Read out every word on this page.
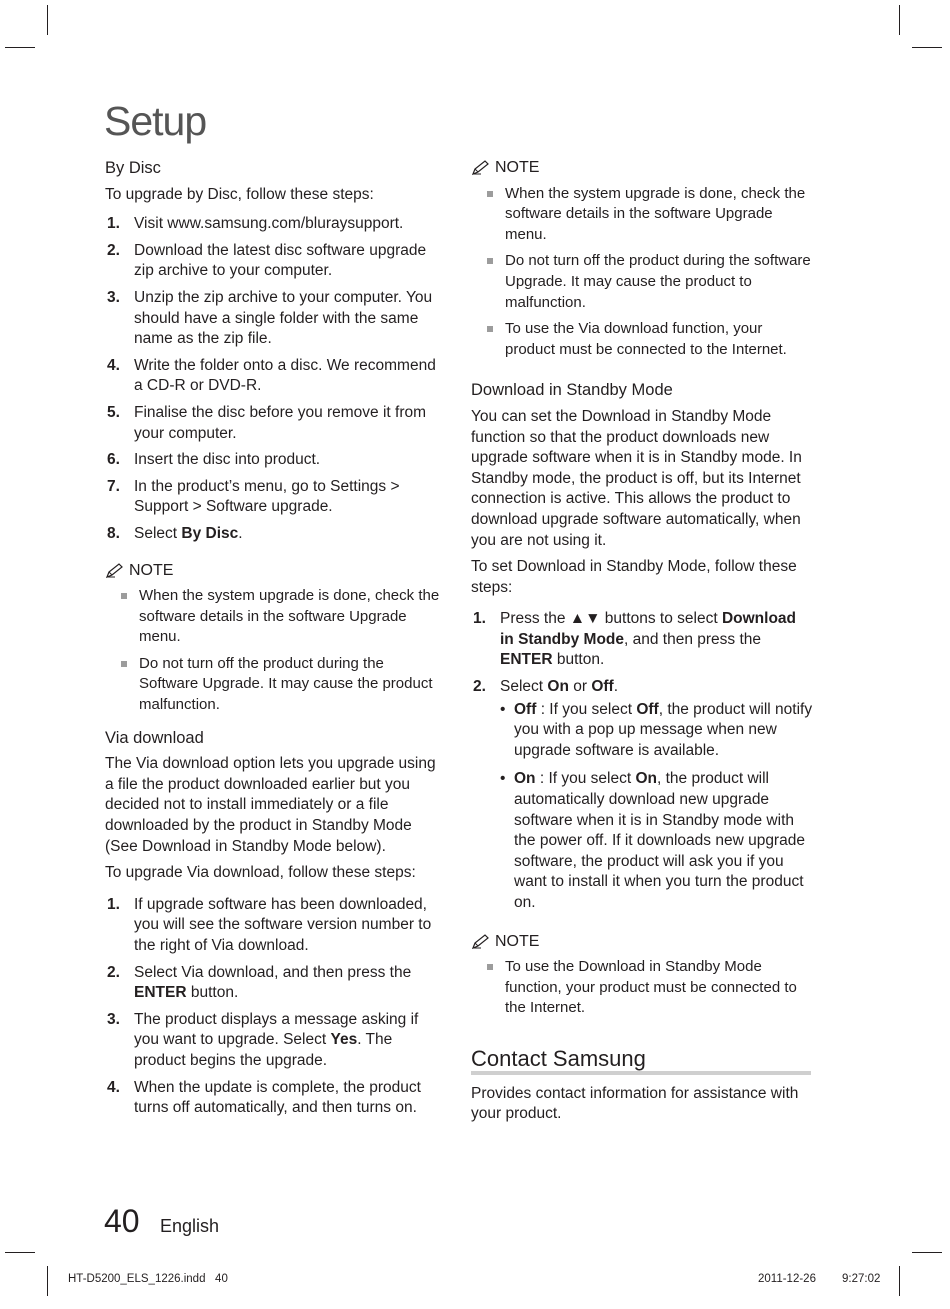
Setup
By Disc

To upgrade by Disc, follow these steps:

1. Visit www.samsung.com/bluraysupport.
2. Download the latest disc software upgrade zip archive to your computer.
3. Unzip the zip archive to your computer. You should have a single folder with the same name as the zip file.
4. Write the folder onto a disc. We recommend a CD-R or DVD-R.
5. Finalise the disc before you remove it from your computer.
6. Insert the disc into product.
7. In the product’s menu, go to Settings > Support > Software upgrade.
8. Select By Disc.
NOTE
When the system upgrade is done, check the software details in the software Upgrade menu.
Do not turn off the product during the Software Upgrade. It may cause the product malfunction.
Via download

The Via download option lets you upgrade using a file the product downloaded earlier but you decided not to install immediately or a file downloaded by the product in Standby Mode (See Download in Standby Mode below).

To upgrade Via download, follow these steps:

1. If upgrade software has been downloaded, you will see the software version number to the right of Via download.
2. Select Via download, and then press the ENTER button.
3. The product displays a message asking if you want to upgrade. Select Yes. The product begins the upgrade.
4. When the update is complete, the product turns off automatically, and then turns on.
NOTE
When the system upgrade is done, check the software details in the software Upgrade menu.
Do not turn off the product during the software Upgrade. It may cause the product to malfunction.
To use the Via download function, your product must be connected to the Internet.
Download in Standby Mode

You can set the Download in Standby Mode function so that the product downloads new upgrade software when it is in Standby mode. In Standby mode, the product is off, but its Internet connection is active. This allows the product to download upgrade software automatically, when you are not using it.

To set Download in Standby Mode, follow these steps:

1. Press the ▲▼ buttons to select Download in Standby Mode, and then press the ENTER button.
2. Select On or Off.
• Off : If you select Off, the product will notify you with a pop up message when new upgrade software is available.
• On : If you select On, the product will automatically download new upgrade software when it is in Standby mode with the power off. If it downloads new upgrade software, the product will ask you if you want to install it when you turn the product on.
NOTE
To use the Download in Standby Mode function, your product must be connected to the Internet.
Contact Samsung

Provides contact information for assistance with your product.

40 English
HT-D5200_ELS_1226.indd   40	2011-12-26 9:27:02
